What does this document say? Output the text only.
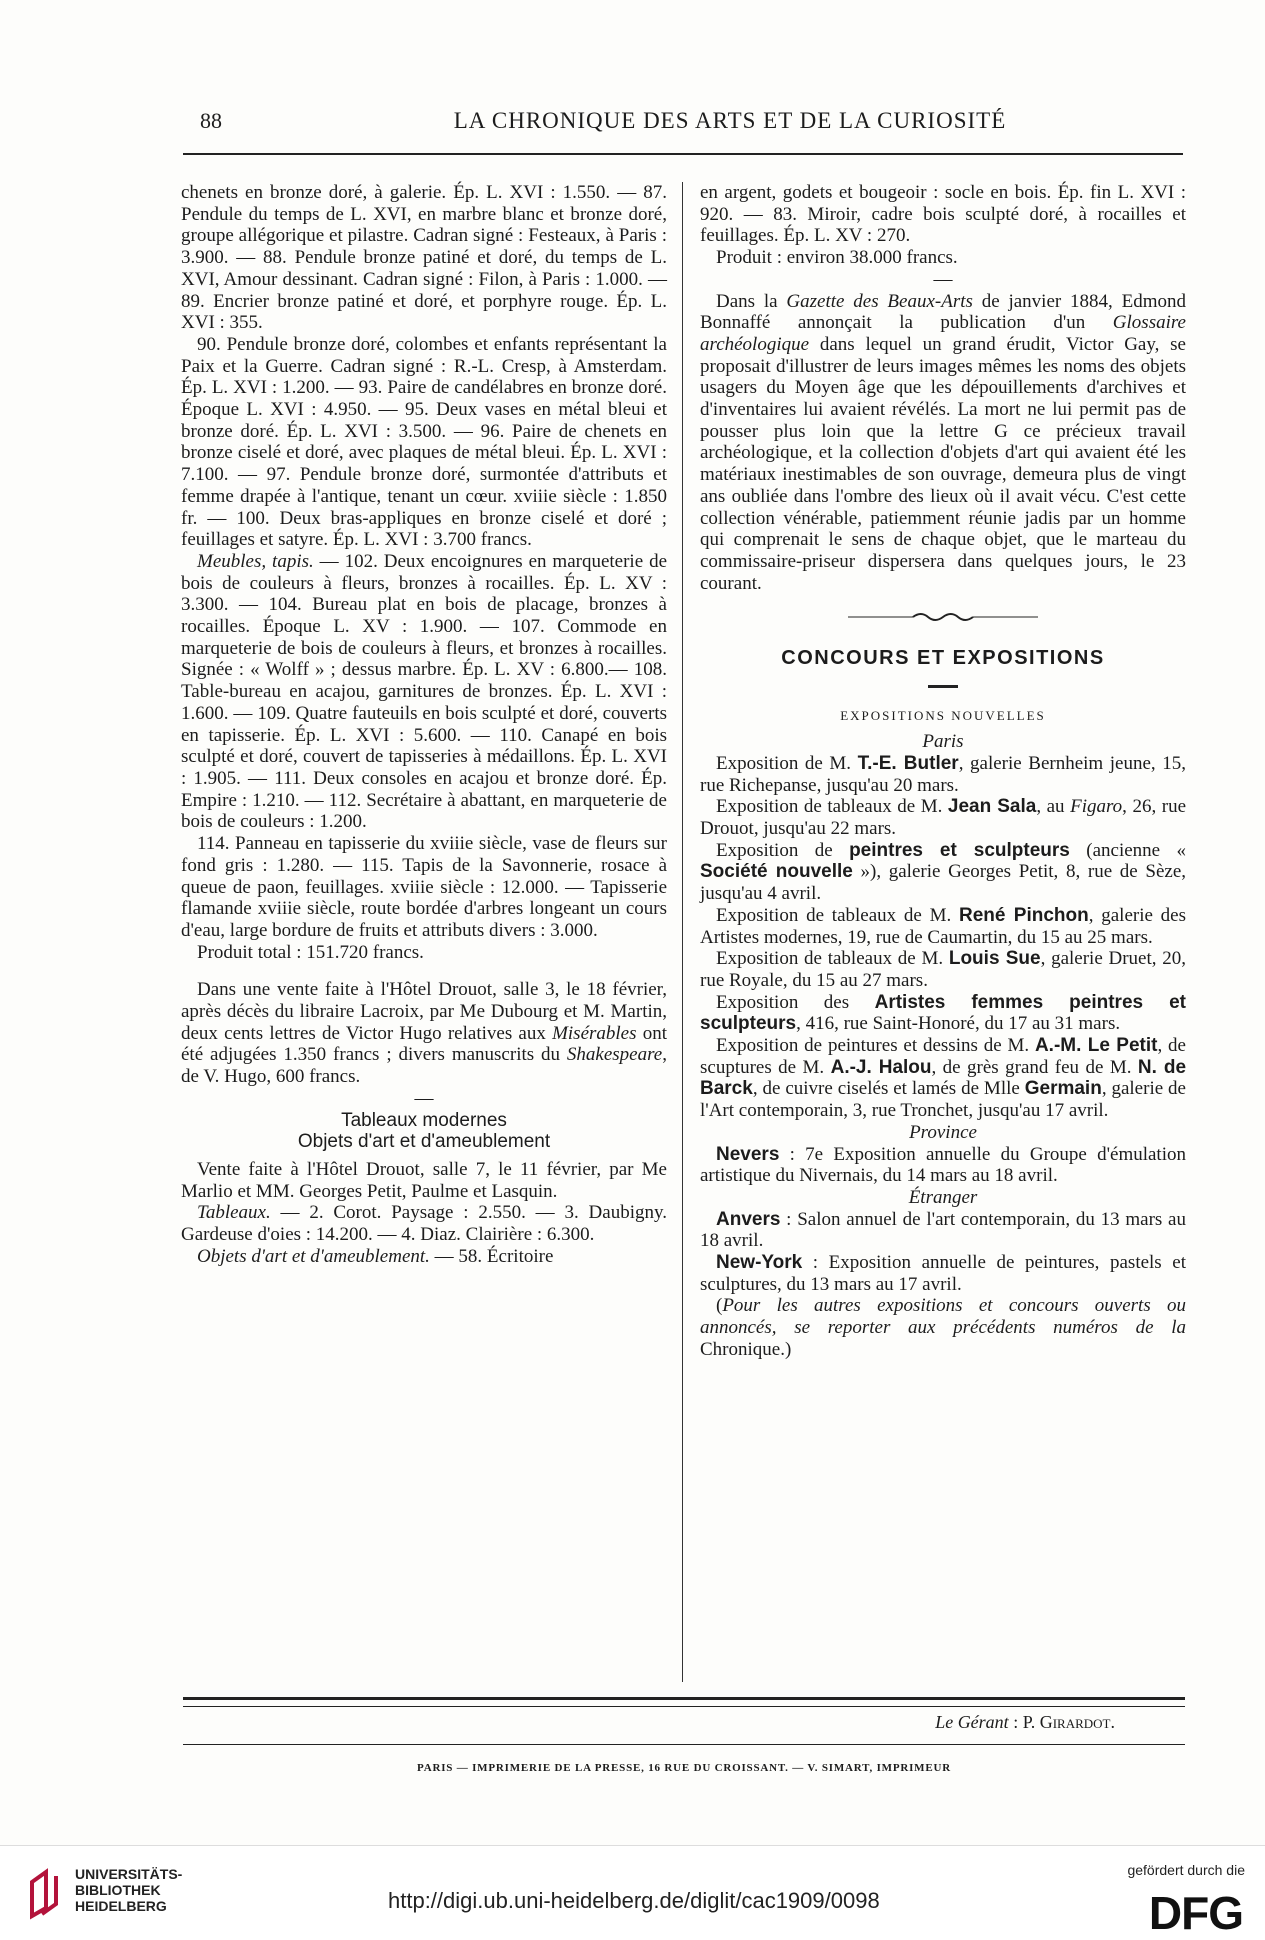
88	LA CHRONIQUE DES ARTS ET DE LA CURIOSITÉ

chenets en bronze doré, à galerie. Ép. L. XVI : 1.550. — 87. Pendule du temps de L. XVI, en marbre blanc et bronze doré, groupe allégorique et pilastre. Cadran signé : Festeaux, à Paris : 3.900. — 88. Pendule bronze patiné et doré, du temps de L. XVI, Amour dessinant. Cadran signé : Filon, à Paris : 1.000. — 89. Encrier bronze patiné et doré, et porphyre rouge. Ép. L. XVI : 355.

90. Pendule bronze doré, colombes et enfants représentant la Paix et la Guerre. Cadran signé : R.-L. Cresp, à Amsterdam. Ép. L. XVI : 1.200. — 93. Paire de candélabres en bronze doré. Époque L. XVI : 4.950. — 95. Deux vases en métal bleui et bronze doré. Ép. L. XVI : 3.500. — 96. Paire de chenets en bronze ciselé et doré, avec plaques de métal bleui. Ép. L. XVI : 7.100. — 97. Pendule bronze doré, surmontée d'attributs et femme drapée à l'antique, tenant un cœur. xviiie siècle : 1.850 fr. — 100. Deux bras-appliques en bronze ciselé et doré ; feuillages et satyre. Ép. L. XVI : 3.700 francs.

Meubles, tapis. — 102. Deux encoignures en marqueterie de bois de couleurs à fleurs, bronzes à rocailles. Ép. L. XV : 3.300. — 104. Bureau plat en bois de placage, bronzes à rocailles. Époque L. XV : 1.900. — 107. Commode en marqueterie de bois de couleurs à fleurs, et bronzes à rocailles. Signée : « Wolff » ; dessus marbre. Ép. L. XV : 6.800.— 108. Table-bureau en acajou, garnitures de bronzes. Ép. L. XVI : 1.600. — 109. Quatre fauteuils en bois sculpté et doré, couverts en tapisserie. Ép. L. XVI : 5.600. — 110. Canapé en bois sculpté et doré, couvert de tapisseries à médaillons. Ép. L. XVI : 1.905. — 111. Deux consoles en acajou et bronze doré. Ép. Empire : 1.210. — 112. Secrétaire à abattant, en marqueterie de bois de couleurs : 1.200.

114. Panneau en tapisserie du xviiie siècle, vase de fleurs sur fond gris : 1.280. — 115. Tapis de la Savonnerie, rosace à queue de paon, feuillages. xviiie siècle : 12.000. — Tapisserie flamande xviiie siècle, route bordée d'arbres longeant un cours d'eau, large bordure de fruits et attributs divers : 3.000.

Produit total : 151.720 francs.

Dans une vente faite à l'Hôtel Drouot, salle 3, le 18 février, après décès du libraire Lacroix, par Me Dubourg et M. Martin, deux cents lettres de Victor Hugo relatives aux Misérables ont été adjugées 1.350 francs ; divers manuscrits du Shakespeare, de V. Hugo, 600 francs.

—

Tableaux modernes

Objets d'art et d'ameublement

Vente faite à l'Hôtel Drouot, salle 7, le 11 février, par Me Marlio et MM. Georges Petit, Paulme et Lasquin.

Tableaux. — 2. Corot. Paysage : 2.550. — 3. Daubigny. Gardeuse d'oies : 14.200. — 4. Diaz. Clairière : 6.300.

Objets d'art et d'ameublement. — 58. Écritoire

en argent, godets et bougeoir : socle en bois. Ép. fin L. XVI : 920. — 83. Miroir, cadre bois sculpté doré, à rocailles et feuillages. Ép. L. XV : 270.

Produit : environ 38.000 francs.

—

Dans la Gazette des Beaux-Arts de janvier 1884, Edmond Bonnaffé annonçait la publication d'un Glossaire archéologique dans lequel un grand érudit, Victor Gay, se proposait d'illustrer de leurs images mêmes les noms des objets usagers du Moyen âge que les dépouillements d'archives et d'inventaires lui avaient révélés. La mort ne lui permit pas de pousser plus loin que la lettre G ce précieux travail archéologique, et la collection d'objets d'art qui avaient été les matériaux inestimables de son ouvrage, demeura plus de vingt ans oubliée dans l'ombre des lieux où il avait vécu. C'est cette collection vénérable, patiemment réunie jadis par un homme qui comprenait le sens de chaque objet, que le marteau du commissaire-priseur dispersera dans quelques jours, le 23 courant.

CONCOURS ET EXPOSITIONS
EXPOSITIONS NOUVELLES

Paris

Exposition de M. T.-E. Butler, galerie Bernheim jeune, 15, rue Richepanse, jusqu'au 20 mars.

Exposition de tableaux de M. Jean Sala, au Figaro, 26, rue Drouot, jusqu'au 22 mars.

Exposition de peintres et sculpteurs (ancienne « Société nouvelle »), galerie Georges Petit, 8, rue de Sèze, jusqu'au 4 avril.

Exposition de tableaux de M. René Pinchon, galerie des Artistes modernes, 19, rue de Caumartin, du 15 au 25 mars.

Exposition de tableaux de M. Louis Sue, galerie Druet, 20, rue Royale, du 15 au 27 mars.

Exposition des Artistes femmes peintres et sculpteurs, 416, rue Saint-Honoré, du 17 au 31 mars.

Exposition de peintures et dessins de M. A.-M. Le Petit, de scuptures de M. A.-J. Halou, de grès grand feu de M. N. de Barck, de cuivre ciselés et lamés de Mlle Germain, galerie de l'Art contemporain, 3, rue Tronchet, jusqu'au 17 avril.

Province

Nevers : 7e Exposition annuelle du Groupe d'émulation artistique du Nivernais, du 14 mars au 18 avril.

Étranger

Anvers : Salon annuel de l'art contemporain, du 13 mars au 18 avril.

New-York : Exposition annuelle de peintures, pastels et sculptures, du 13 mars au 17 avril.

(Pour les autres expositions et concours ouverts ou annoncés, se reporter aux précédents numéros de la Chronique.)

Le Gérant : P. Girardot.
PARIS — IMPRIMERIE DE LA PRESSE, 16 RUE DU CROISSANT. — V. SIMART, IMPRIMEUR
UNIVERSITÄTS-
BIBLIOTHEK
HEIDELBERG	http://digi.ub.uni-heidelberg.de/diglit/cac1909/0098
gefördert durch die
DFG
